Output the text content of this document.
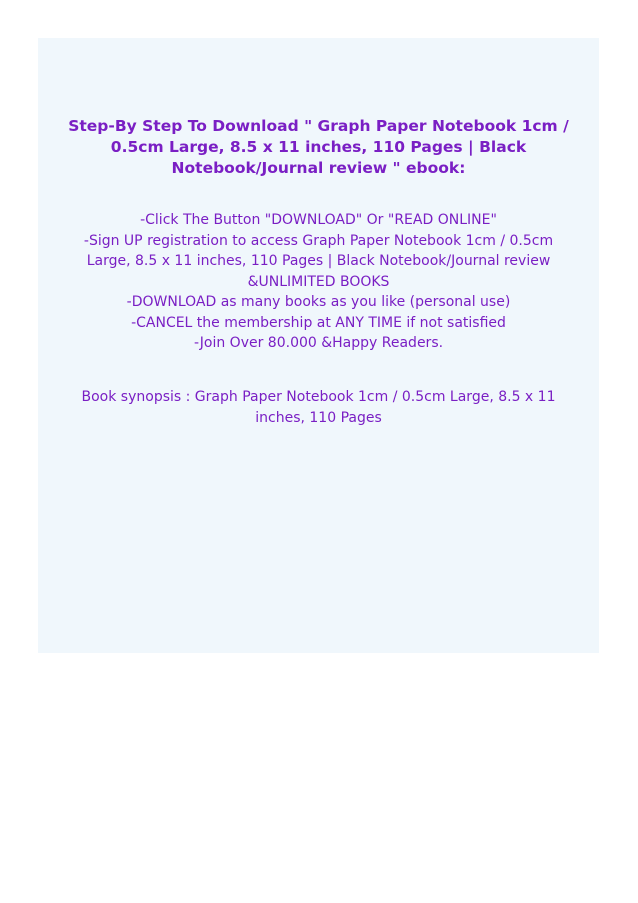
Step-By Step To Download " Graph Paper Notebook 1cm /
0.5cm Large, 8.5 x 11 inches, 110 Pages | Black
Notebook/Journal review " ebook:
-Click The Button "DOWNLOAD" Or "READ ONLINE"
-Sign UP registration to access Graph Paper Notebook 1cm / 0.5cm
Large, 8.5 x 11 inches, 110 Pages | Black Notebook/Journal review
&UNLIMITED BOOKS
-DOWNLOAD as many books as you like (personal use)
-CANCEL the membership at ANY TIME if not satisfied
-Join Over 80.000 &Happy Readers.
Book synopsis : Graph Paper Notebook 1cm / 0.5cm Large, 8.5 x 11
inches, 110 Pages
